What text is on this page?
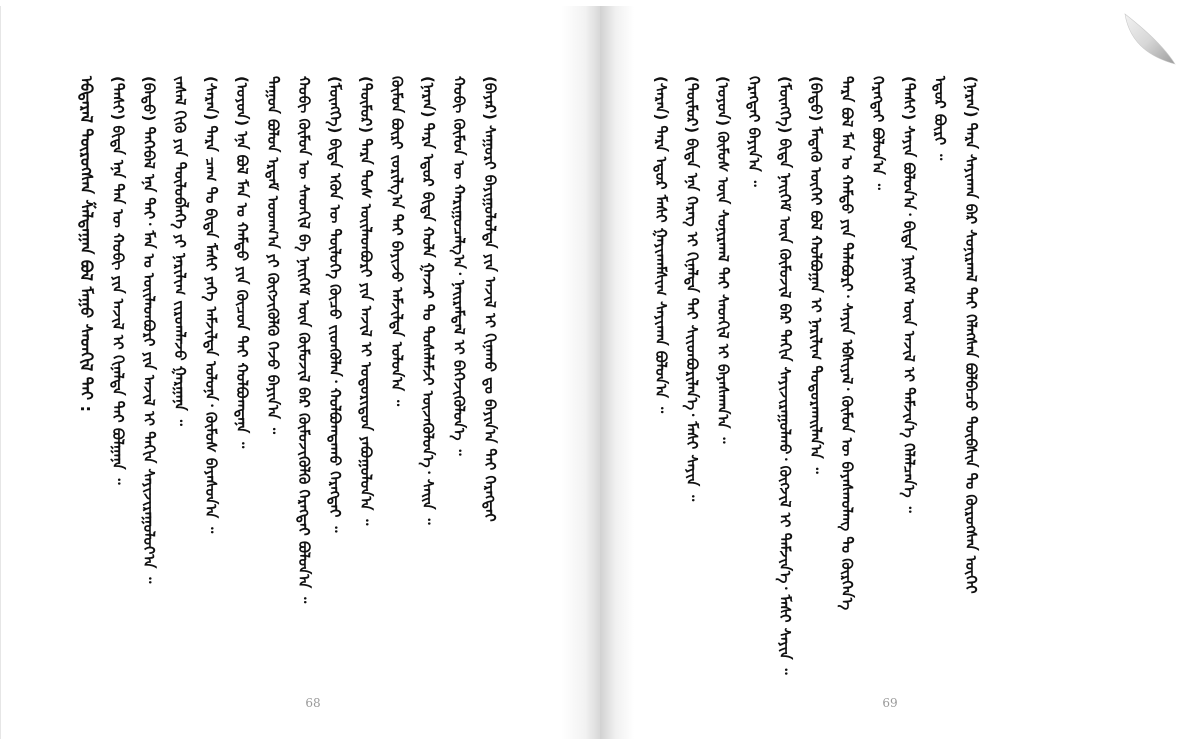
ᠡᠪᠳᠡᠷᠡᠯ ᠲᠥᠷᠦᠭᠰᠡᠨ ᠱᠠᠯᠲᠠᠭᠠᠨ ᠪᠣᠯ ᠮᠠᠭᠤ ᠰᠡᠳᠬᠢᠯ ᠲᠡᠢ : (ᠳᠠᠰᠢ) ᠪᠢᠳᠡ ᠡᠨᠡ ᠲᠠᠨ ᠦ ᠬᠤᠪᠢ ᠶᠢᠨ ᠠᠵᠢᠯ ᠢ ᠬᠢᠨᠠᠯᠲᠠ ᠲᠠᠢ ᠪᠣᠯᠭᠠᠨᠠ ᠃ (ᠪᠠᠲᠤ) ᠲᠡᠭᠡᠪᠡᠯ ᠡᠨᠡ ᠲᠡᠢ᠂ ᠮᠠᠨ ᠤ ᠦᠢᠯᠡᠳᠪᠦᠷᠢ ᠶᠢᠨ ᠠᠵᠢᠯ ᠢ ᠳᠠᠬᠢᠨ ᠰᠠᠶᠢᠵᠢᠷᠠᠭᠤᠯᠤᠶ᠎ᠠ ᠃ ᠵᠠᠰᠠᠯ ᠬᠢᠬᠦ ᠶᠢᠨ ᠲᠥᠯᠦᠪᠯᠡᠭᠡ ᠶᠢ ᠨᠠᠷᠢᠯᠢᠭ ᠵᠢᠷᠤᠭᠯᠠᠵᠤ ᠭᠠᠷᠭᠠᠨᠠ ᠃ (ᠰᠠᠷᠠᠨ) ᠲᠡᠷᠡ ᠴᠠᠭ ᠲᠤ ᠪᠢᠳᠡ ᠮᠠᠰᠢ ᠶᠡᠬᠡ ᠠᠮᠵᠢᠯᠲᠠ ᠣᠯᠤᠨᠠ᠂ ᠬᠦᠮᠦᠰ ᠪᠠᠶᠠᠰᠤᠨ᠎ᠠ ᠃ (ᠣᠶᠤᠨ) ᠡᠨᠡ ᠪᠣᠯ ᠮᠠᠨ ᠤ ᠬᠠᠮᠲᠤ ᠶᠢᠨ ᠬᠦᠴᠦᠨ ᠲᠡᠢ ᠬᠣᠯᠪᠣᠭᠳᠠᠨᠠ ᠃ ᠲᠠᠭᠤᠨ ᠪᠣᠯᠤᠨ ᠡᠷᠳᠡᠮ ᠤᠳᠬ᠎ᠠ ᠶᠢ ᠬᠥᠭᠵᠢᠭᠦᠯᠬᠦ ᠭᠡᠵᠦ ᠪᠠᠶᠢᠨ᠎ᠠ ᠃ ᠬᠤᠪᠢ ᠬᠦᠮᠦᠨ ᠦ ᠰᠡᠳᠬᠢᠯ ᠪᠠ ᠨᠡᠢᠭᠡᠮ ᠦᠨ ᠬᠦᠮᠦᠵᠢᠯ ᠪᠠᠷ ᠬᠦᠮᠦᠵᠢᠭᠦᠯᠬᠦ ᠬᠡᠷᠡᠭᠲᠡᠢ ᠪᠣᠯᠤᠨ᠎ᠠ ᠃ (ᠮᠥᠩᠬᠡ) ᠪᠢᠳᠡ ᠡᠭᠦᠨ ᠦ ᠲᠥᠯᠦᠭᠡ ᠬᠦᠴᠦ ᠵᠢᠳᠬᠦᠯᠡᠨ᠂ ᠬᠣᠯᠪᠣᠭᠳᠠᠬᠤ ᠬᠡᠷᠡᠭᠲᠡᠢ ᠃ (ᠲᠥᠮᠥᠷ) ᠲᠡᠷᠡ ᠲᠤᠰ ᠦᠢᠯᠡᠳᠪᠦᠷᠢ ᠶᠢᠨ ᠠᠵᠢᠯ ᠢ ᠤᠳᠤᠷᠢᠳᠤᠨ ᠶᠠᠪᠤᠭᠤᠯᠤᠨ᠎ᠠ ᠃ ᠬᠦᠮᠦᠨ ᠪᠦᠷᠢ ᠵᠣᠷᠢᠯᠭ᠎ᠠ ᠲᠡᠢ ᠪᠠᠶᠢᠵᠤ ᠠᠮᠵᠢᠯᠲᠠ ᠣᠯᠤᠨ᠎ᠠ ᠃ (ᠨᠠᠷᠠᠨ) ᠲᠡᠷᠡ ᠡᠳᠦᠷ ᠪᠢᠳᠡ ᠬᠣᠯᠠ ᠭᠠᠵᠠᠷ ᠲᠤ ᠲᠤᠰᠠᠯᠠᠮᠵᠢ ᠦᠵᠡᠭᠦᠯᠦᠨ᠎ᠡ᠂ ᠰᠠᠢᠨ ᠃ ᠬᠤᠪᠢ ᠬᠦᠮᠦᠨ ᠦ ᠬᠠᠷᠢᠭᠤᠴᠠᠯᠭ᠎ᠠ᠂ ᠨᠠᠢᠷᠠᠮᠳᠠᠯ ᠢ ᠪᠡᠬᠡᠵᠢᠭᠦᠯᠦᠨ᠎ᠡ ᠃ (ᠪᠠᠶᠠᠷ) ᠰᠠᠭᠤᠷᠢ ᠪᠠᠶᠢᠭᠤᠯᠤᠯᠲᠠ ᠶᠢᠨ ᠠᠵᠢᠯ ᠢ ᠬᠢᠨᠠᠬᠤ ᠳᠤ ᠪᠠᠶᠢᠨ᠎ᠠ ᠲᠡᠢ ᠬᠡᠷᠡᠭᠲᠡᠢ
68
(ᠰᠠᠷᠠᠨ) ᠲᠡᠷᠡ ᠡᠳᠦᠷ ᠮᠠᠰᠢ ᠭᠠᠶᠢᠬᠠᠮᠰᠢᠭ ᠰᠠᠶᠢᠬᠠᠨ ᠪᠣᠯᠤᠨ᠎ᠠ ᠃ (ᠲᠥᠮᠥᠷ) ᠪᠢᠳᠡ ᠡᠨᠡ ᠬᠡᠷᠡᠭ ᠢ ᠬᠢᠨᠠᠯᠲᠠ ᠲᠠᠢ ᠰᠢᠢᠳᠪᠦᠷᠢᠯᠡᠨ᠎ᠡ᠂ ᠮᠠᠰᠢ ᠰᠠᠶᠢᠨ ᠃ (ᠣᠶᠤᠨ) ᠬᠦᠮᠦᠰ ᠦᠨ ᠰᠣᠨᠢᠷᠬᠠᠯ ᠲᠡᠢ ᠰᠡᠳᠬᠢᠯ ᠢ ᠪᠠᠶᠠᠰᠬᠠᠨ᠎ᠠ ᠃ ᠬᠡᠷᠡᠭᠲᠡᠢ ᠪᠠᠶᠢᠨ᠎ᠠ ᠃ (ᠮᠥᠩᠬᠡ) ᠪᠢᠳᠡ ᠨᠡᠢᠭᠡᠮ ᠦᠨ ᠬᠦᠮᠦᠵᠢᠯ ᠪᠠᠷ ᠲᠠᠬᠢᠨ ᠰᠠᠶᠢᠵᠢᠷᠠᠭᠤᠯᠬᠤ᠂ ᠬᠥᠭᠵᠢᠯ ᠢ ᠳᠡᠮᠵᠢᠨ᠎ᠡ᠂ ᠮᠠᠰᠢ ᠰᠠᠶᠢᠨ ᠃ (ᠪᠠᠲᠤ) ᠮᠡᠳᠡᠬᠦ ᠦᠭᠡᠢ ᠪᠣᠯ ᠬᠣᠯᠪᠣᠭᠠᠨ ᠢ ᠨᠠᠷᠢᠯᠢᠭ ᠲᠣᠳᠤᠷᠬᠠᠢᠯᠠᠨ᠎ᠠ ᠃ ᠲᠡᠷᠡ ᠪᠣᠯ ᠮᠠᠨ ᠤ ᠬᠠᠮᠲᠤ ᠶᠢᠨ ᠲᠠᠯᠠᠪᠤᠷᠢ᠂ ᠰᠠᠶᠢᠨ ᠡᠪᠰᠢᠶᠡᠯ᠂ ᠬᠦᠮᠦᠨ ᠦ ᠪᠠᠶᠠᠰᠬᠤᠯᠠᠩ ᠲᠤ ᠬᠦᠷᠭᠡᠨ᠎ᠡ ᠬᠡᠷᠡᠭᠲᠡᠢ ᠪᠣᠯᠤᠨ᠎ᠠ ᠃ (ᠳᠠᠰᠢ) ᠰᠠᠶᠢᠨ ᠪᠣᠯᠤᠨ᠎ᠠ᠂ ᠪᠢᠳᠡ ᠨᠡᠢᠭᠡᠮ ᠦᠨ ᠠᠵᠢᠯ ᠢ ᠳᠡᠮᠵᠢᠨ᠎ᠡ ᠬᠡᠯᠡᠯᠴᠡᠨ᠎ᠡ ᠃ ᠡᠳᠦᠷ ᠪᠦᠷᠢ ᠃ (ᠨᠠᠷᠠᠨ) ᠲᠡᠷᠡ ᠰᠠᠶᠢᠬᠠᠨ ᠪᠡᠷ ᠰᠣᠨᠢᠷᠬᠠᠯ ᠲᠠᠢ ᠬᠡᠯᠡᠭᠰᠡᠨ ᠪᠣᠯᠪᠠᠴᠤ ᠲᠥᠪᠰᠢᠨ ᠲᠤ ᠬᠦᠷᠦᠭᠰᠡᠨ ᠦᠭᠡᠢ
69
